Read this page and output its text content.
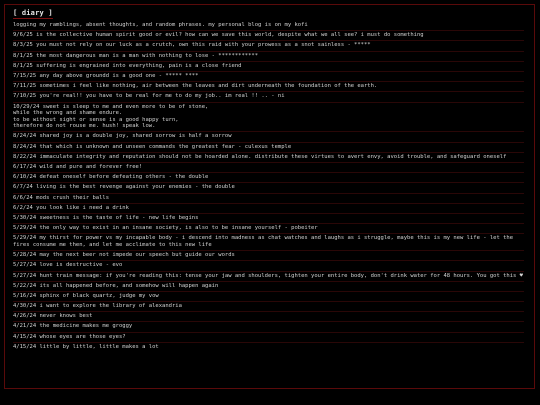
[ diary ]
logging my ramblings, absent thoughts, and random phrases. my personal blog is on my kofi
9/6/25 is the collective human spirit good or evil? how can we save this world, despite what we all see? i must do something
8/3/25 you must not rely on our luck as a crutch, own this raid with your prowess as a snot sainless - *****
8/1/25 the most dangerous man is a man with nothing to lose - ************
8/1/25 suffering is engrained into everything, pain is a close friend
7/15/25 any day above groundd is a good one - ***** ****
7/11/25 sometimes i feel like nothing, air between the leaves and dirt underneath the foundation of the earth.
7/10/25 you're real!! you have to be real for me to do my job.. im real !! .. - ni
10/29/24 sweet is sleep to me and even more to be of stone,
while the wrong and shame endure.
to be without sight or sense is a good happy turn,
therefore do not rouse me. hush! speak low.
8/24/24 shared joy is a double joy, shared sorrow is half a sorrow
8/24/24 that which is unknown and unseen commands the greatest fear - culexus temple
8/22/24 immaculate integrity and reputation should not be hoarded alone. distribute these virtues to avert envy, avoid trouble, and safeguard oneself
6/17/24 wild and pure and forever free!
6/10/24 defeat oneself before defeating others - the double
6/7/24 living is the best revenge against your enemies - the double
6/6/24 mods crush their balls
6/2/24 you look like i need a drink
5/30/24 sweetness is the taste of life - new life begins
5/29/24 the only way to exist in an insane society, is also to be insane yourself - pobeiter
5/29/24 my thirst for power vs my incapable body - i descend into madness as chat watches and laughs as i struggle, maybe this is my new life - let the fires consume me then, and let me acclimate to this new life
5/28/24 may the next beer not impede our speech but guide our words
5/27/24 love is destructive - evo
5/27/24 hunt train message: if you're reading this: tense your jaw and shoulders, tighten your entire body, don't drink water for 48 hours. You got this ♥
5/22/24 its all happened before, and somehow will happen again
5/16/24 sphinx of black quartz, judge my vow
4/30/24 i want to explore the library of alexandria
4/26/24 never knows best
4/21/24 the medicine makes me groggy
4/15/24 whose eyes are those eyes?
4/15/24 little by little, little makes a lot
